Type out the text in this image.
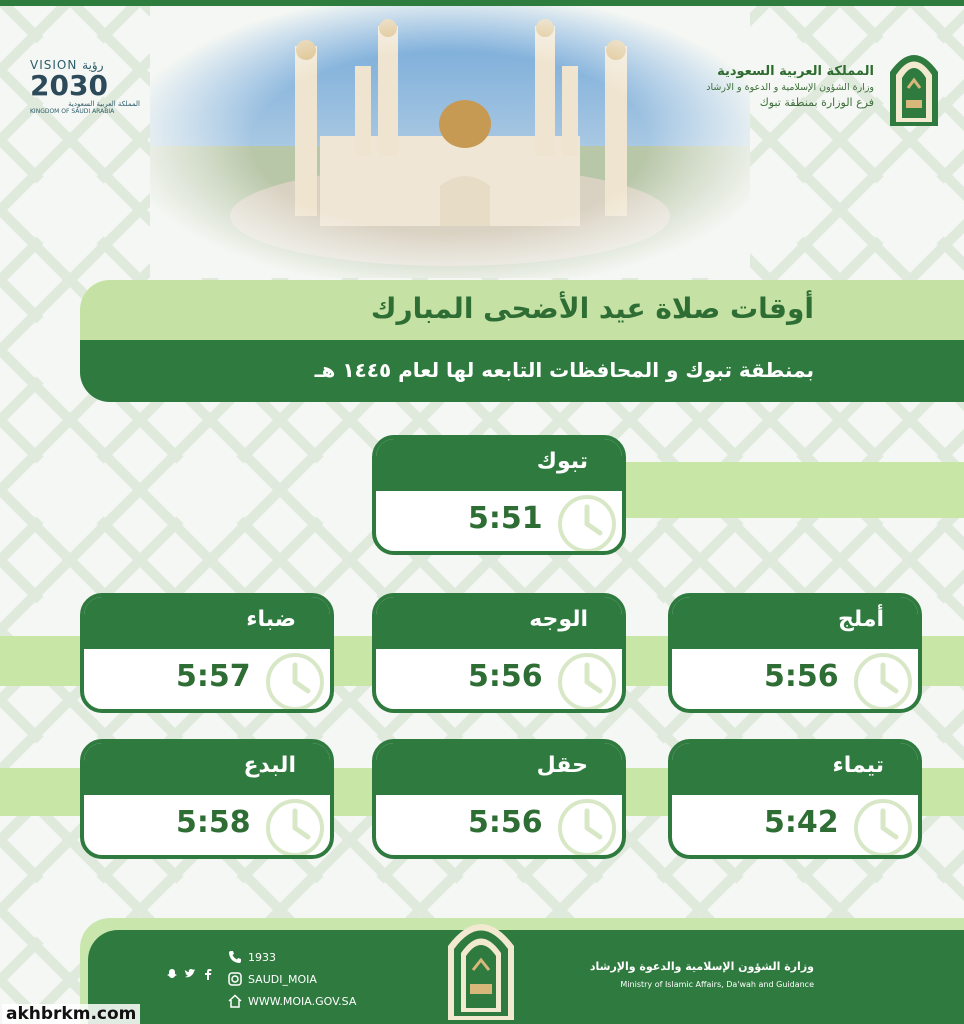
VISION رؤية
2030
المملكة العربية السعودية
KINGDOM OF SAUDI ARABIA
المملكة العربية السعودية
وزارة الشؤون الإسلامية و الدعوة و الارشاد
فرع الوزارة بمنطقة تبوك
أوقات صلاة عيد الأضحى المبارك
بمنطقة تبوك و المحافظات التابعه لها لعام ١٤٤٥ هـ
تبوك
5:51
أملج
5:56
الوجه
5:56
ضباء
5:57
تيماء
5:42
حقل
5:56
البدع
5:58
1933
SAUDI_MOIA
WWW.MOIA.GOV.SA
وزارة الشؤون الإسلامية والدعوة والإرشاد
Ministry of Islamic Affairs, Da'wah and Guidance
akhbrkm.com
